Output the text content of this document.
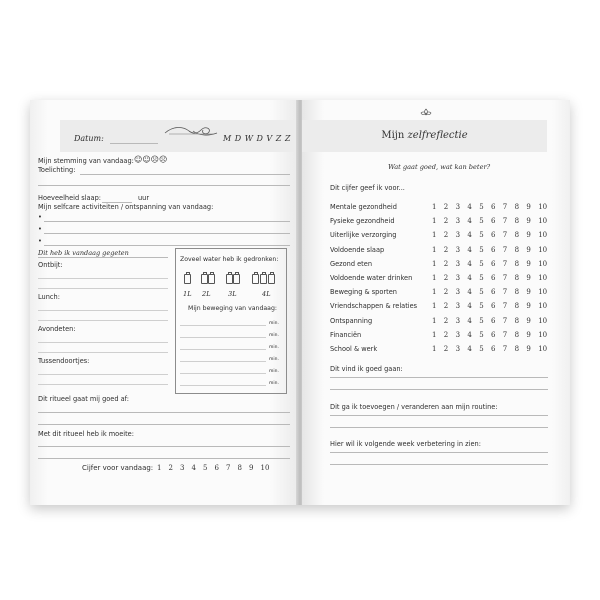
Datum:	M D W D V Z Z
Mijn stemming van vandaag: ☺☺☹☹
Toelichting:
Hoeveelheid slaap:	uur
Mijn selfcare activiteiten / ontspanning van vandaag:
•
•
•
Dit heb ik vandaag gegeten
Ontbijt:
Lunch:
Avondeten:
Tussendoortjes:
Zoveel water heb ik gedronken:
1L 2L	3L	4L
Mijn beweging van vandaag:
min.
min.
min.
min.
min.
min.
Dit ritueel gaat mij goed af:
Met dit ritueel heb ik moeite:
Cijfer voor vandaag: 1 2 3 4 5 6 7 8 9 10
Mijn zelfreflectie
Wat gaat goed, wat kan beter?
Dit cijfer geef ik voor...
Mentale gezondheid	1 2 3 4 5 6 7 8 9 10
Fysieke gezondheid	1 2 3 4 5 6 7 8 9 10
Uiterlijke verzorging	1 2 3 4 5 6 7 8 9 10
Voldoende slaap	1 2 3 4 5 6 7 8 9 10
Gezond eten	1 2 3 4 5 6 7 8 9 10
Voldoende water drinken	1 2 3 4 5 6 7 8 9 10
Beweging & sporten	1 2 3 4 5 6 7 8 9 10
Vriendschappen & relaties 1 2 3 4 5 6 7 8 9 10
Ontspanning	1 2 3 4 5 6 7 8 9 10
Financiën	1 2 3 4 5 6 7 8 9 10
School & werk	1 2 3 4 5 6 7 8 9 10
Dit vind ik goed gaan:
Dit ga ik toevoegen / veranderen aan mijn routine:
Hier wil ik volgende week verbetering in zien:
